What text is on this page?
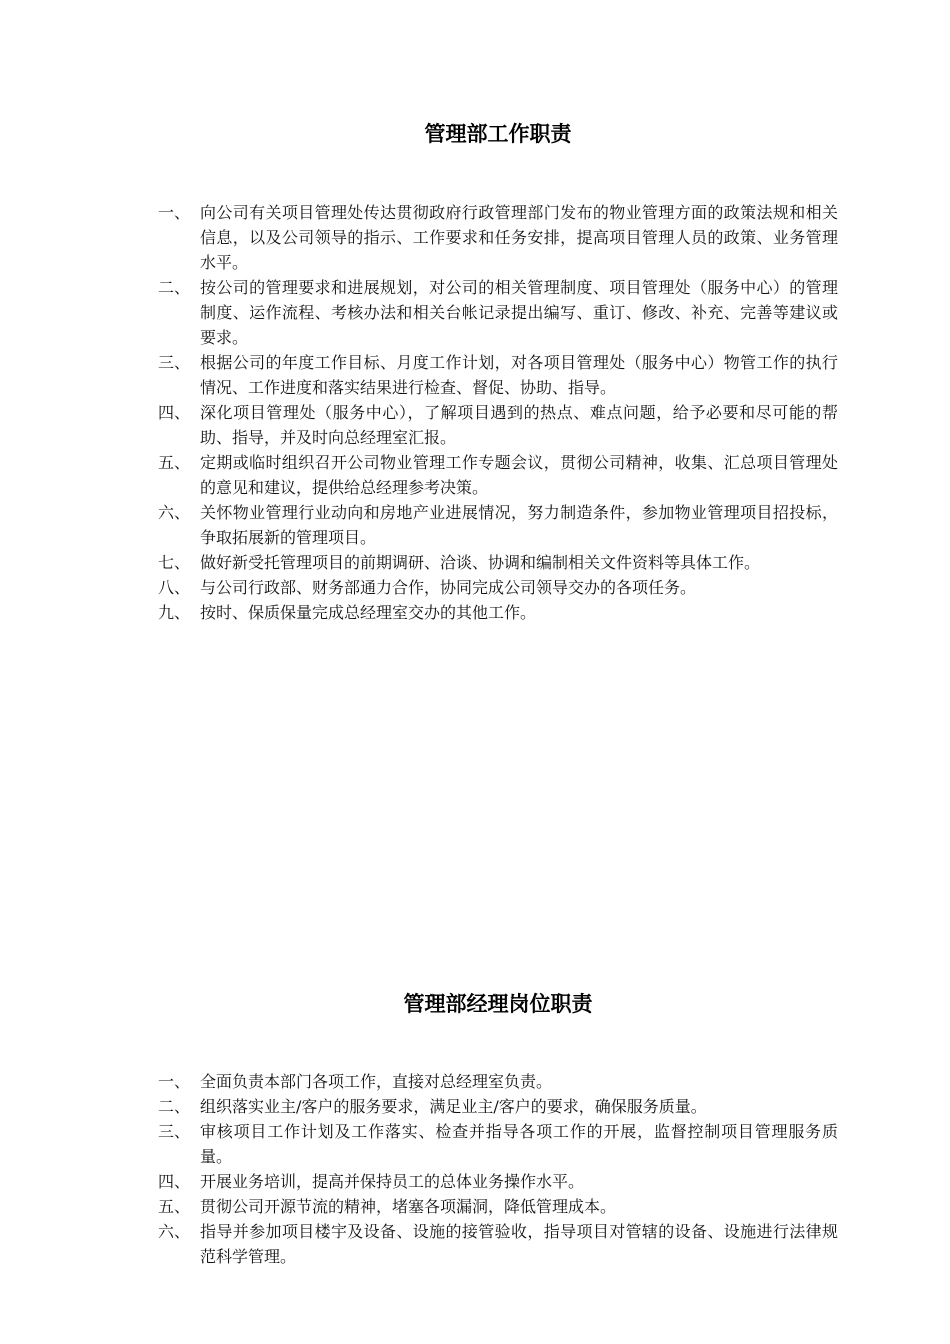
管理部工作职责
一、 向公司有关项目管理处传达贯彻政府行政管理部门发布的物业管理方面的政策法规和相关信息，以及公司领导的指示、工作要求和任务安排，提高项目管理人员的政策、业务管理水平。
二、 按公司的管理要求和进展规划，对公司的相关管理制度、项目管理处（服务中心）的管理制度、运作流程、考核办法和相关台帐记录提出编写、重订、修改、补充、完善等建议或要求。
三、 根据公司的年度工作目标、月度工作计划，对各项目管理处（服务中心）物管工作的执行情况、工作进度和落实结果进行检查、督促、协助、指导。
四、 深化项目管理处（服务中心），了解项目遇到的热点、难点问题，给予必要和尽可能的帮助、指导，并及时向总经理室汇报。
五、 定期或临时组织召开公司物业管理工作专题会议，贯彻公司精神，收集、汇总项目管理处的意见和建议，提供给总经理参考决策。
六、 关怀物业管理行业动向和房地产业进展情况，努力制造条件，参加物业管理项目招投标，争取拓展新的管理项目。
七、 做好新受托管理项目的前期调研、洽谈、协调和编制相关文件资料等具体工作。
八、 与公司行政部、财务部通力合作，协同完成公司领导交办的各项任务。
九、 按时、保质保量完成总经理室交办的其他工作。
管理部经理岗位职责
一、 全面负责本部门各项工作，直接对总经理室负责。
二、 组织落实业主/客户的服务要求，满足业主/客户的要求，确保服务质量。
三、 审核项目工作计划及工作落实、检查并指导各项工作的开展，监督控制项目管理服务质量。
四、 开展业务培训，提高并保持员工的总体业务操作水平。
五、 贯彻公司开源节流的精神，堵塞各项漏洞，降低管理成本。
六、 指导并参加项目楼宇及设备、设施的接管验收，指导项目对管辖的设备、设施进行法律规范科学管理。
